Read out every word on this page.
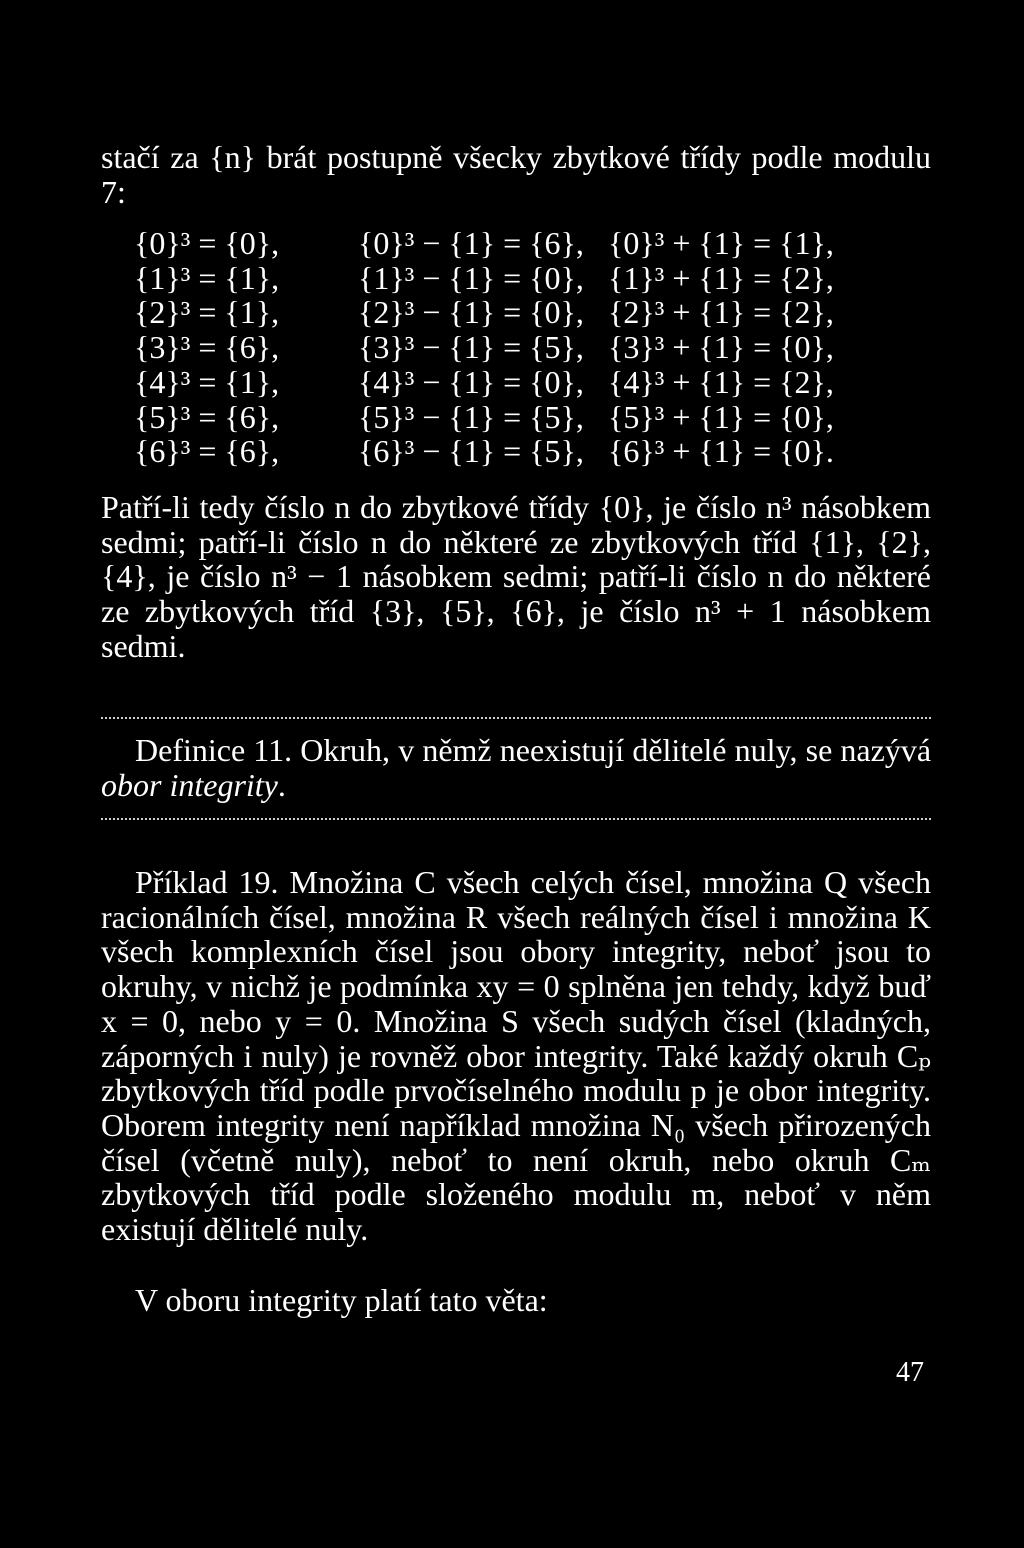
stačí za {n} brát postupně všecky zbytkové třídy podle modulu 7:

{0}³ = {0},	{0}³ − {1} = {6},	{0}³ + {1} = {1},
{1}³ = {1},	{1}³ − {1} = {0},	{1}³ + {1} = {2},
{2}³ = {1},	{2}³ − {1} = {0},	{2}³ + {1} = {2},
{3}³ = {6},	{3}³ − {1} = {5},	{3}³ + {1} = {0},
{4}³ = {1},	{4}³ − {1} = {0},	{4}³ + {1} = {2},
{5}³ = {6},	{5}³ − {1} = {5},	{5}³ + {1} = {0},
{6}³ = {6},	{6}³ − {1} = {5},	{6}³ + {1} = {0}.

Patří-li tedy číslo n do zbytkové třídy {0}, je číslo n³ násobkem sedmi; patří-li číslo n do některé ze zbytkových tříd {1}, {2}, {4}, je číslo n³ − 1 násobkem sedmi; patří-li číslo n do některé ze zbytkových tříd {3}, {5}, {6}, je číslo n³ + 1 násobkem sedmi.

Definice 11. Okruh, v němž neexistují dělitelé nuly, se nazývá obor integrity.

Příklad 19. Množina C všech celých čísel, množina Q všech racionálních čísel, množina R všech reálných čísel i množina K všech komplexních čísel jsou obory integrity, neboť jsou to okruhy, v nichž je podmínka xy = 0 splněna jen tehdy, když buď x = 0, nebo y = 0. Množina S všech sudých čísel (kladných, záporných i nuly) je rovněž obor integrity. Také každý okruh Cₚ zbytkových tříd podle prvočíselného modulu p je obor integrity. Oborem integrity není například množina N₀ všech přirozených čísel (včetně nuly), neboť to není okruh, nebo okruh Cₘ zbytkových tříd podle složeného modulu m, neboť v něm existují dělitelé nuly.

V oboru integrity platí tato věta:

47
